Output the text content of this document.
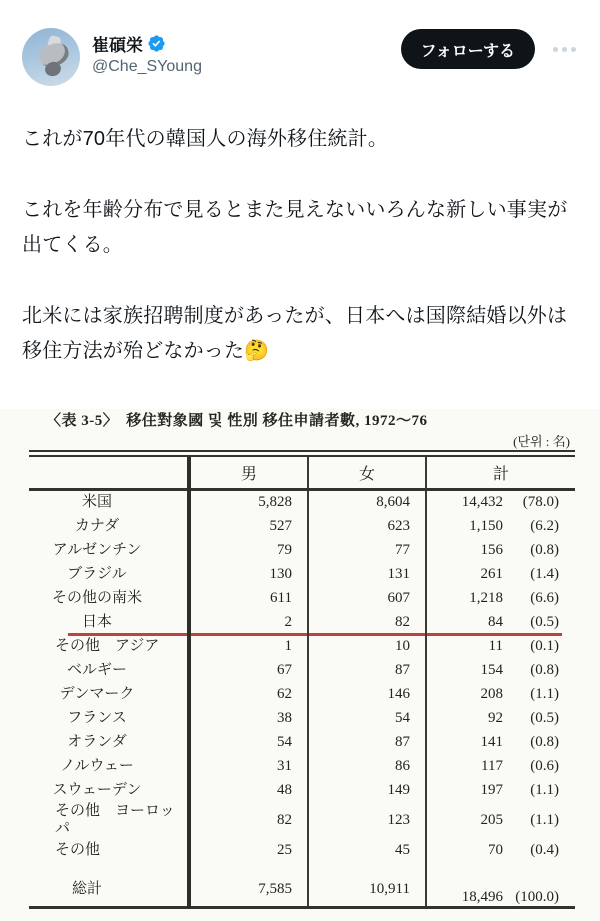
崔碩栄
@Che_SYoung
フォローする

これが70年代の韓国人の海外移住統計。

これを年齢分布で見るとまた見えないいろんな新しい事実が出てくる。

北米には家族招聘制度があったが、日本へは国際結婚以外は移住方法が殆どなかった🤔

〈表 3-5〉　移住對象國 및 性別 移住申請者數, 1972〜76
(단위 : 名)
	男	女	計
米国	5,828	8,604	14,432 (78.0)

カナダ	527	623	1,150 (6.2)

アルゼンチン	79	77	156 (0.8)

ブラジル	130	131	261 (1.4)

その他の南米	611	607	1,218 (6.6)

日本	2	82	84 (0.5)

その他　アジア	1	10	11 (0.1)

ベルギー	67	87	154 (0.8)

デンマーク	62	146	208 (1.1)

フランス	38	54	92 (0.5)

オランダ	54	87	141 (0.8)

ノルウェー	31	86	117 (0.6)

スウェーデン	48	149	197 (1.1)

その他　ヨーロッパ	82	123	205 (1.1)

その他	25	45	70 (0.4)

総計	7,585	10,911	18,496 (100.0)
